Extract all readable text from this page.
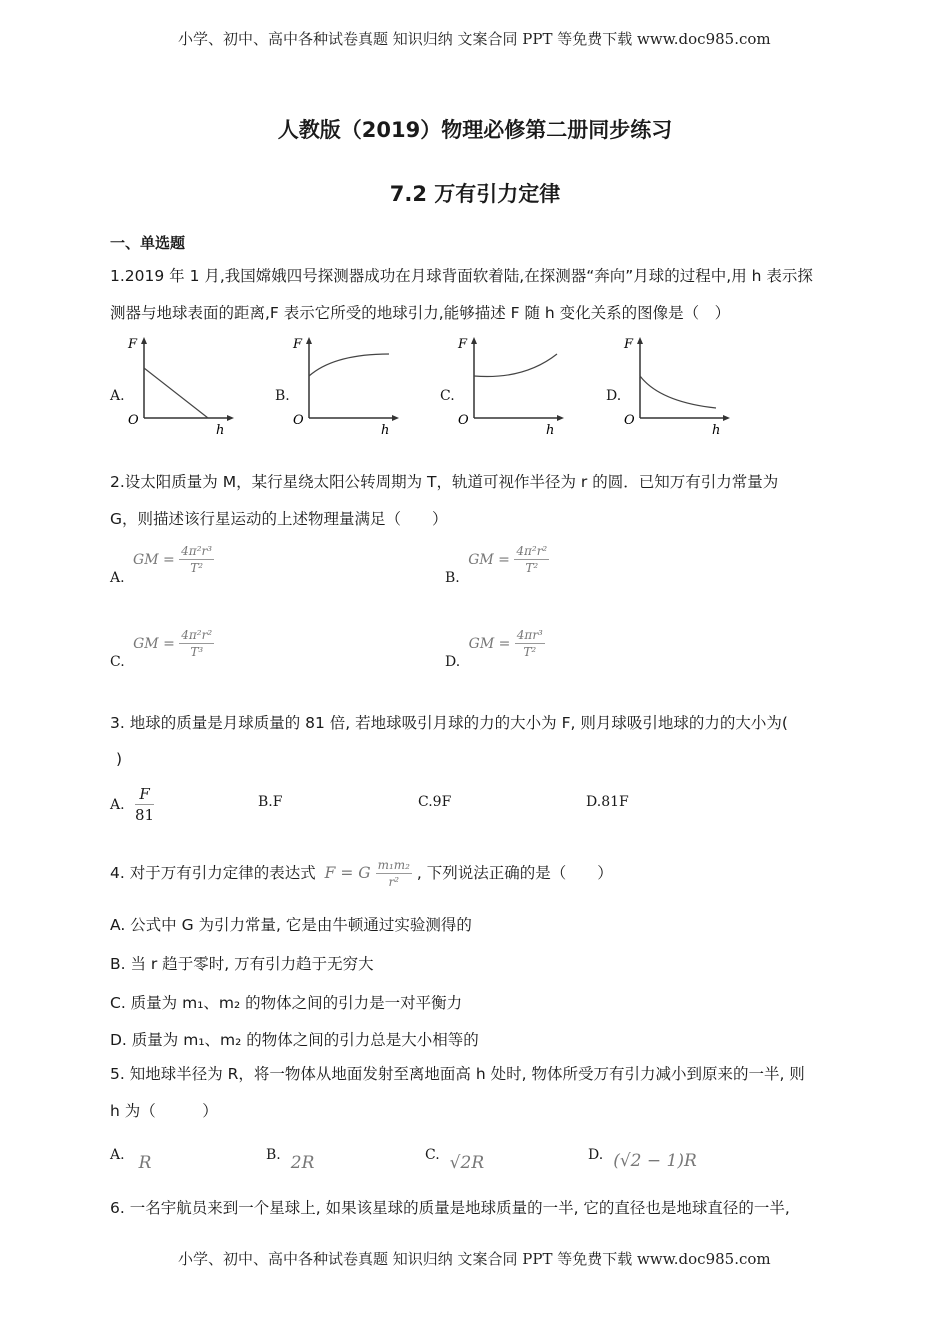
小学、初中、高中各种试卷真题 知识归纳 文案合同 PPT 等免费下载 www.doc985.com
人教版（2019）物理必修第二册同步练习
7.2 万有引力定律
一、单选题
1.2019 年 1 月,我国嫦娥四号探测器成功在月球背面软着陆,在探测器“奔向”月球的过程中,用 h 表示探
测器与地球表面的距离,F 表示它所受的地球引力,能够描述 F 随 h 变化关系的图像是（　）
A.	B.	C.	D.
F
O
h
F
O
h
F
O
h
F
O
h
2.设太阳质量为 M，某行星绕太阳公转周期为 T，轨道可视作半径为 r 的圆．已知万有引力常量为
G，则描述该行星运动的上述物理量满足（　　）
A. GM = $\frac{\text{4π²r³}}{\text{T²}}$
B. GM = $\frac{\text{4π²r²}}{\text{T²}}$
C. GM = $\frac{\text{4π²r²}}{\text{T³}}$
D. GM = $\frac{\text{4πr³}}{\text{T²}}$
3. 地球的质量是月球质量的 81 倍, 若地球吸引月球的力的大小为 F, 则月球吸引地球的力的大小为(
)
A. $\frac{F}{81}$	B.F	C.9F	D.81F
4. 对于万有引力定律的表达式 F = G $\frac{\text{m₁m₂}}{\text{r²}}$ , 下列说法正确的是（　　）
A. 公式中 G 为引力常量, 它是由牛顿通过实验测得的
B. 当 r 趋于零时, 万有引力趋于无穷大
C. 质量为 m₁、m₂ 的物体之间的引力是一对平衡力
D. 质量为 m₁、m₂ 的物体之间的引力总是大小相等的
5. 知地球半径为 R，将一物体从地面发射至离地面高 h 处时, 物体所受万有引力减小到原来的一半, 则
h 为（　　　）
A. R	B. 2R	C. √2R	D. (√2 − 1)R
6. 一名宇航员来到一个星球上, 如果该星球的质量是地球质量的一半, 它的直径也是地球直径的一半,
小学、初中、高中各种试卷真题 知识归纳 文案合同 PPT 等免费下载 www.doc985.com
